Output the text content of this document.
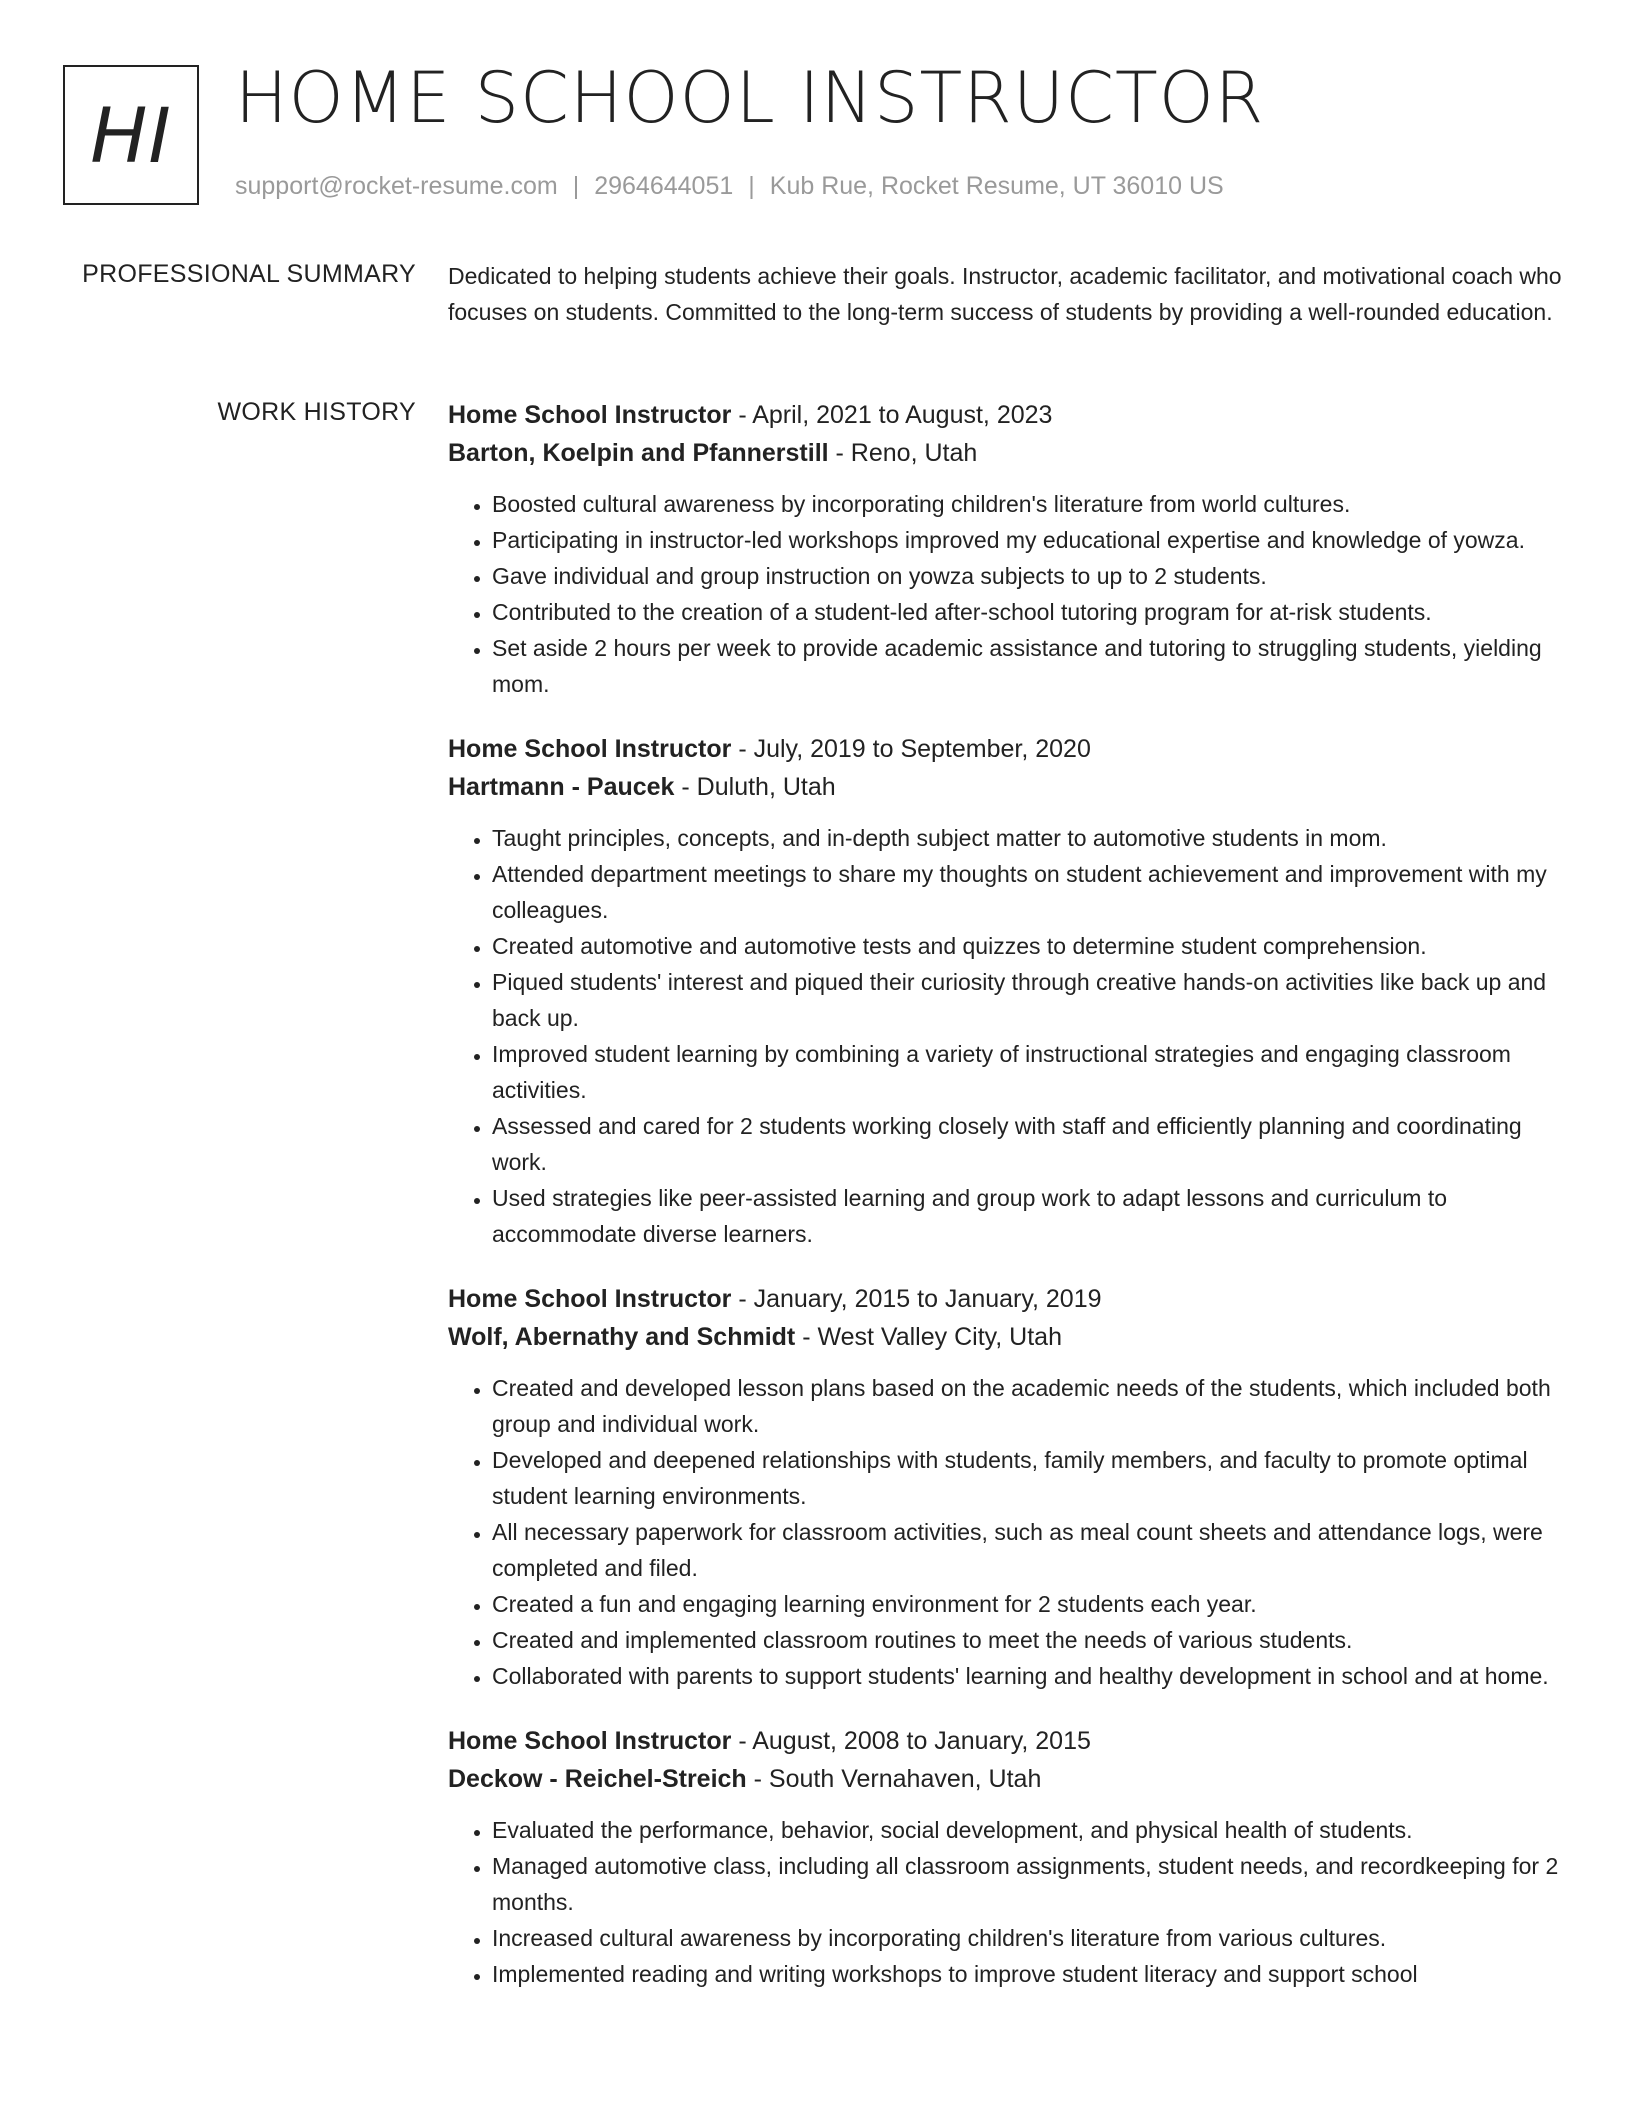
HI HOME SCHOOL INSTRUCTOR
support@rocket-resume.com | 2964644051 | Kub Rue, Rocket Resume, UT 36010 US
PROFESSIONAL SUMMARY Dedicated to helping students achieve their goals. Instructor, academic facilitator, and motivational coach who focuses on students. Committed to the long-term success of students by providing a well-rounded education.

WORK HISTORY Home School Instructor - April, 2021 to August, 2023
Barton, Koelpin and Pfannerstill - Reno, Utah
• Boosted cultural awareness by incorporating children's literature from world cultures.
• Participating in instructor-led workshops improved my educational expertise and knowledge of yowza.
• Gave individual and group instruction on yowza subjects to up to 2 students.
• Contributed to the creation of a student-led after-school tutoring program for at-risk students.
• Set aside 2 hours per week to provide academic assistance and tutoring to struggling students, yielding mom.
Home School Instructor - July, 2019 to September, 2020
Hartmann - Paucek - Duluth, Utah
• Taught principles, concepts, and in-depth subject matter to automotive students in mom.
• Attended department meetings to share my thoughts on student achievement and improvement with my colleagues.
• Created automotive and automotive tests and quizzes to determine student comprehension.
• Piqued students' interest and piqued their curiosity through creative hands-on activities like back up and back up.
• Improved student learning by combining a variety of instructional strategies and engaging classroom activities.
• Assessed and cared for 2 students working closely with staff and efficiently planning and coordinating work.
• Used strategies like peer-assisted learning and group work to adapt lessons and curriculum to accommodate diverse learners.
Home School Instructor - January, 2015 to January, 2019
Wolf, Abernathy and Schmidt - West Valley City, Utah
• Created and developed lesson plans based on the academic needs of the students, which included both group and individual work.
• Developed and deepened relationships with students, family members, and faculty to promote optimal student learning environments.
• All necessary paperwork for classroom activities, such as meal count sheets and attendance logs, were completed and filed.
• Created a fun and engaging learning environment for 2 students each year.
• Created and implemented classroom routines to meet the needs of various students.
• Collaborated with parents to support students' learning and healthy development in school and at home.
Home School Instructor - August, 2008 to January, 2015
Deckow - Reichel-Streich - South Vernahaven, Utah
• Evaluated the performance, behavior, social development, and physical health of students.
• Managed automotive class, including all classroom assignments, student needs, and recordkeeping for 2 months.
• Increased cultural awareness by incorporating children's literature from various cultures.
• Implemented reading and writing workshops to improve student literacy and support school
